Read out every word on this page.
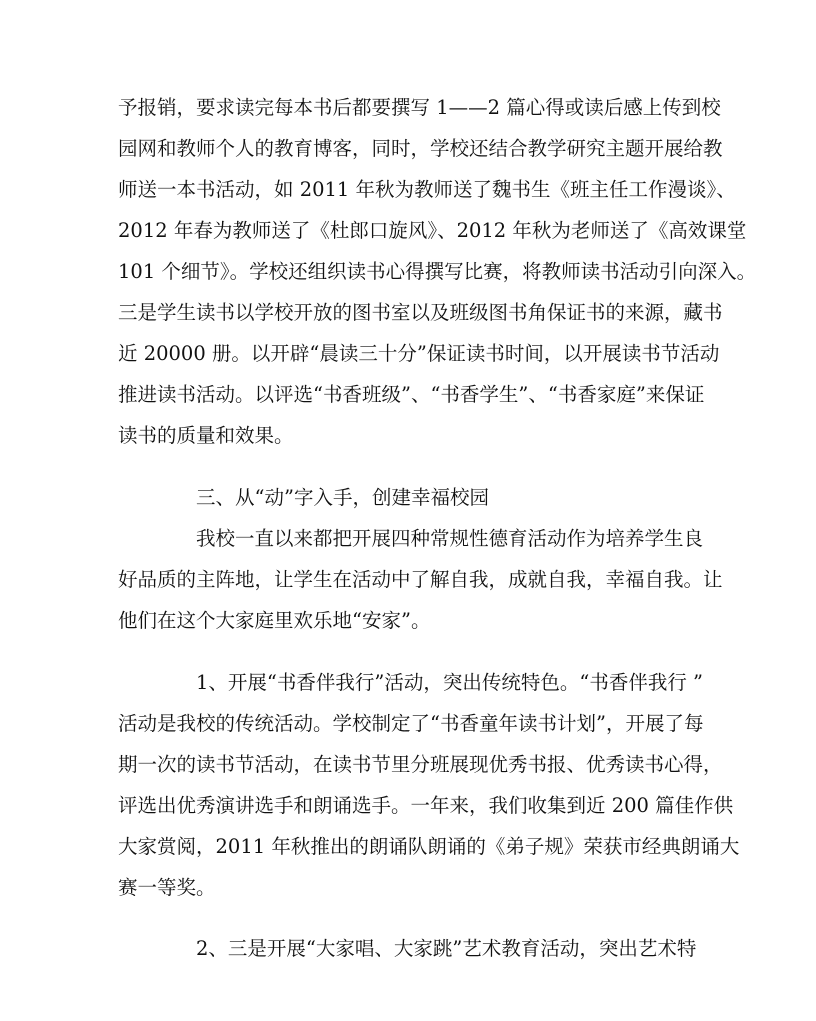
予报销，要求读完每本书后都要撰写 1——2 篇心得或读后感上传到校
园网和教师个人的教育博客，同时，学校还结合教学研究主题开展给教
师送一本书活动，如 2011 年秋为教师送了魏书生《班主任工作漫谈》、
2012 年春为教师送了《杜郎口旋风》、2012 年秋为老师送了《高效课堂
101 个细节》。学校还组织读书心得撰写比赛，将教师读书活动引向深入。
三是学生读书以学校开放的图书室以及班级图书角保证书的来源，藏书
近 20000 册。以开辟“晨读三十分”保证读书时间，以开展读书节活动
推进读书活动。以评选“书香班级”、“书香学生”、“书香家庭”来保证
读书的质量和效果。
三、从“动”字入手，创建幸福校园
我校一直以来都把开展四种常规性德育活动作为培养学生良
好品质的主阵地，让学生在活动中了解自我，成就自我，幸福自我。让
他们在这个大家庭里欢乐地“安家”。
1、开展“书香伴我行”活动，突出传统特色。“书香伴我行 ”
活动是我校的传统活动。学校制定了“书香童年读书计划”，开展了每
期一次的读书节活动，在读书节里分班展现优秀书报、优秀读书心得，
评选出优秀演讲选手和朗诵选手。一年来，我们收集到近 200 篇佳作供
大家赏阅，2011 年秋推出的朗诵队朗诵的《弟子规》荣获市经典朗诵大
赛一等奖。
2、三是开展“大家唱、大家跳”艺术教育活动，突出艺术特
